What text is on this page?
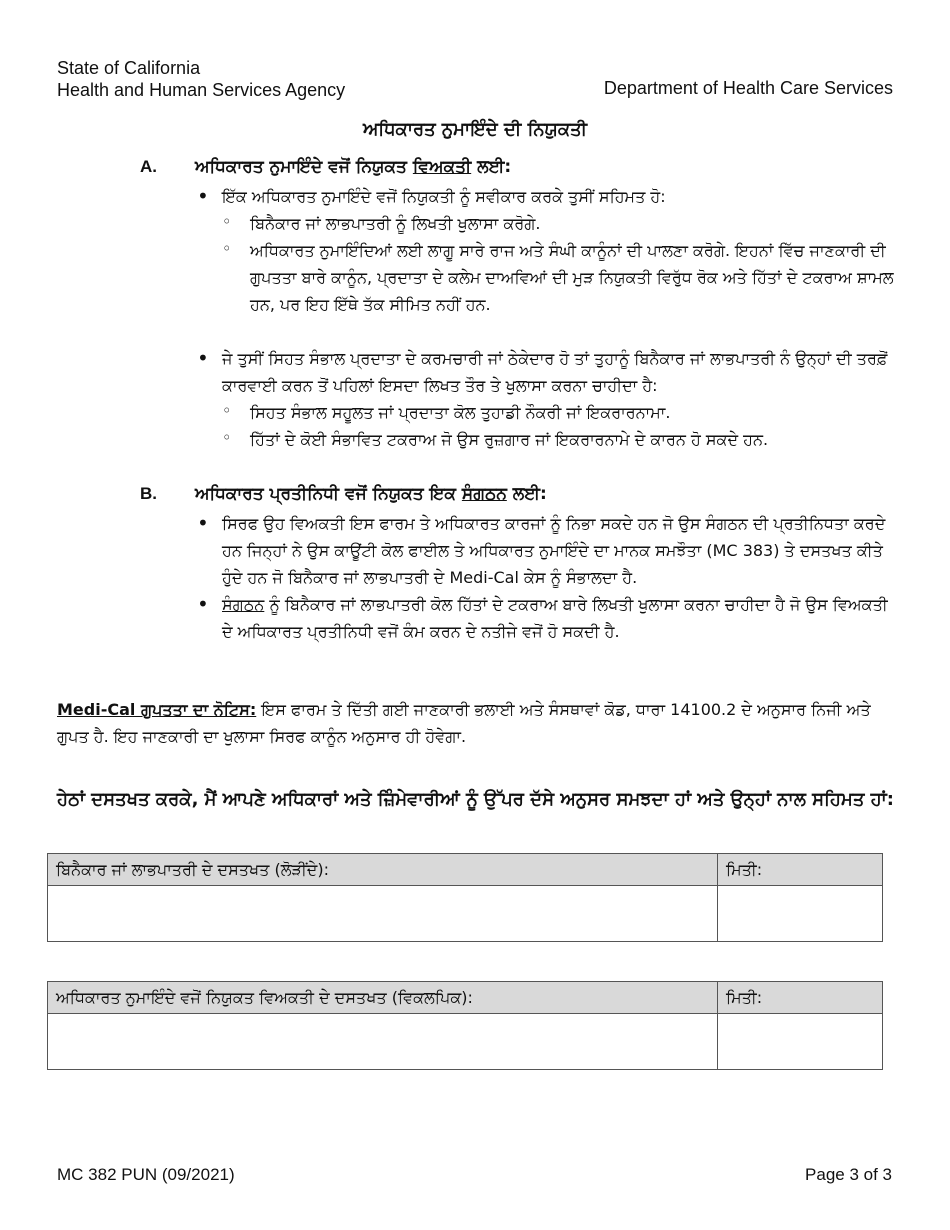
State of California
Health and Human Services Agency	Department of Health Care Services
ਅਧਿਕਾਰਤ ਨੁਮਾਇੰਦੇ ਦੀ ਨਿਯੁਕਤੀ
A. ਅਧਿਕਾਰਤ ਨੁਮਾਇੰਦੇ ਵਜੋਂ ਨਿਯੁਕਤ ਵਿਅਕਤੀ ਲਈ:
• ਇੱਕ ਅਧਿਕਾਰਤ ਨੁਮਾਇੰਦੇ ਵਜੋਂ ਨਿਯੁਕਤੀ ਨੂੰ ਸਵੀਕਾਰ ਕਰਕੇ ਤੁਸੀਂ ਸਹਿਮਤ ਹੋ:
◦ ਬਿਨੈਕਾਰ ਜਾਂ ਲਾਭਪਾਤਰੀ ਨੂੰ ਲਿਖਤੀ ਖੁਲਾਸਾ ਕਰੋਗੇ.
◦ ਅਧਿਕਾਰਤ ਨੁਮਾਇੰਦਿਆਂ ਲਈ ਲਾਗੂ ਸਾਰੇ ਰਾਜ ਅਤੇ ਸੰਘੀ ਕਾਨੂੰਨਾਂ ਦੀ ਪਾਲਣਾ ਕਰੋਗੇ. ਇਹਨਾਂ ਵਿੱਚ ਜਾਣਕਾਰੀ ਦੀ ਗੁਪਤਤਾ ਬਾਰੇ ਕਾਨੂੰਨ, ਪ੍ਰਦਾਤਾ ਦੇ ਕਲੇਮ ਦਾਅਵਿਆਂ ਦੀ ਮੁੜ ਨਿਯੁਕਤੀ ਵਿਰੁੱਧ ਰੋਕ ਅਤੇ ਹਿੱਤਾਂ ਦੇ ਟਕਰਾਅ ਸ਼ਾਮਲ ਹਨ, ਪਰ ਇਹ ਇੱਥੇ ਤੱਕ ਸੀਮਿਤ ਨਹੀਂ ਹਨ.
• ਜੇ ਤੁਸੀਂ ਸਿਹਤ ਸੰਭਾਲ ਪ੍ਰਦਾਤਾ ਦੇ ਕਰਮਚਾਰੀ ਜਾਂ ਠੇਕੇਦਾਰ ਹੋ ਤਾਂ ਤੁਹਾਨੂੰ ਬਿਨੈਕਾਰ ਜਾਂ ਲਾਭਪਾਤਰੀ ਨੰ ਉਨ੍ਹਾਂ ਦੀ ਤਰਫ਼ੋਂ ਕਾਰਵਾਈ ਕਰਨ ਤੋਂ ਪਹਿਲਾਂ ਇਸਦਾ ਲਿਖਤ ਤੌਰ ਤੇ ਖੁਲਾਸਾ ਕਰਨਾ ਚਾਹੀਦਾ ਹੈ:
◦ ਸਿਹਤ ਸੰਭਾਲ ਸਹੂਲਤ ਜਾਂ ਪ੍ਰਦਾਤਾ ਕੋਲ ਤੁਹਾਡੀ ਨੌਕਰੀ ਜਾਂ ਇਕਰਾਰਨਾਮਾ.
◦ ਹਿੱਤਾਂ ਦੇ ਕੋਈ ਸੰਭਾਵਿਤ ਟਕਰਾਅ ਜੋ ਉਸ ਰੁਜ਼ਗਾਰ ਜਾਂ ਇਕਰਾਰਨਾਮੇ ਦੇ ਕਾਰਨ ਹੋ ਸਕਦੇ ਹਨ.
B. ਅਧਿਕਾਰਤ ਪ੍ਰਤੀਨਿਧੀ ਵਜੋਂ ਨਿਯੁਕਤ ਇਕ ਸੰਗਠਨ ਲਈ:
• ਸਿਰਫ ਉਹ ਵਿਅਕਤੀ ਇਸ ਫਾਰਮ ਤੇ ਅਧਿਕਾਰਤ ਕਾਰਜਾਂ ਨੂੰ ਨਿਭਾ ਸਕਦੇ ਹਨ ਜੋ ਉਸ ਸੰਗਠਨ ਦੀ ਪ੍ਰਤੀਨਿਧਤਾ ਕਰਦੇ ਹਨ ਜਿਨ੍ਹਾਂ ਨੇ ਉਸ ਕਾਊਂਟੀ ਕੋਲ ਫਾਈਲ ਤੇ ਅਧਿਕਾਰਤ ਨੁਮਾਇੰਦੇ ਦਾ ਮਾਨਕ ਸਮਝੌਤਾ (MC 383) ਤੇ ਦਸਤਖਤ ਕੀਤੇ ਹੁੰਦੇ ਹਨ ਜੋ ਬਿਨੈਕਾਰ ਜਾਂ ਲਾਭਪਾਤਰੀ ਦੇ Medi-Cal ਕੇਸ ਨੂੰ ਸੰਭਾਲਦਾ ਹੈ.
• ਸੰਗਠਨ ਨੂੰ ਬਿਨੈਕਾਰ ਜਾਂ ਲਾਭਪਾਤਰੀ ਕੋਲ ਹਿੱਤਾਂ ਦੇ ਟਕਰਾਅ ਬਾਰੇ ਲਿਖਤੀ ਖੁਲਾਸਾ ਕਰਨਾ ਚਾਹੀਦਾ ਹੈ ਜੋ ਉਸ ਵਿਅਕਤੀ ਦੇ ਅਧਿਕਾਰਤ ਪ੍ਰਤੀਨਿਧੀ ਵਜੋਂ ਕੰਮ ਕਰਨ ਦੇ ਨਤੀਜੇ ਵਜੋਂ ਹੋ ਸਕਦੀ ਹੈ.
Medi-Cal ਗੁਪਤਤਾ ਦਾ ਨੋਟਿਸ: ਇਸ ਫਾਰਮ ਤੇ ਦਿੱਤੀ ਗਈ ਜਾਣਕਾਰੀ ਭਲਾਈ ਅਤੇ ਸੰਸਥਾਵਾਂ ਕੋਡ, ਧਾਰਾ 14100.2 ਦੇ ਅਨੁਸਾਰ ਨਿਜੀ ਅਤੇ ਗੁਪਤ ਹੈ. ਇਹ ਜਾਣਕਾਰੀ ਦਾ ਖੁਲਾਸਾ ਸਿਰਫ ਕਾਨੂੰਨ ਅਨੁਸਾਰ ਹੀ ਹੋਵੇਗਾ.
ਹੇਠਾਂ ਦਸਤਖਤ ਕਰਕੇ, ਮੈਂ ਆਪਣੇ ਅਧਿਕਾਰਾਂ ਅਤੇ ਜ਼ਿੰਮੇਵਾਰੀਆਂ ਨੂੰ ਉੱਪਰ ਦੱਸੇ ਅਨੁਸਰ ਸਮਝਦਾ ਹਾਂ ਅਤੇ ਉਨ੍ਹਾਂ ਨਾਲ ਸਹਿਮਤ ਹਾਂ:
ਬਿਨੈਕਾਰ ਜਾਂ ਲਾਭਪਾਤਰੀ ਦੇ ਦਸਤਖਤ (ਲੋੜੀਂਦੇ):	ਮਿਤੀ:

ਅਧਿਕਾਰਤ ਨੁਮਾਇੰਦੇ ਵਜੋਂ ਨਿਯੁਕਤ ਵਿਅਕਤੀ ਦੇ ਦਸਤਖਤ (ਵਿਕਲਪਿਕ):	ਮਿਤੀ:

MC 382 PUN (09/2021)	Page 3 of 3
